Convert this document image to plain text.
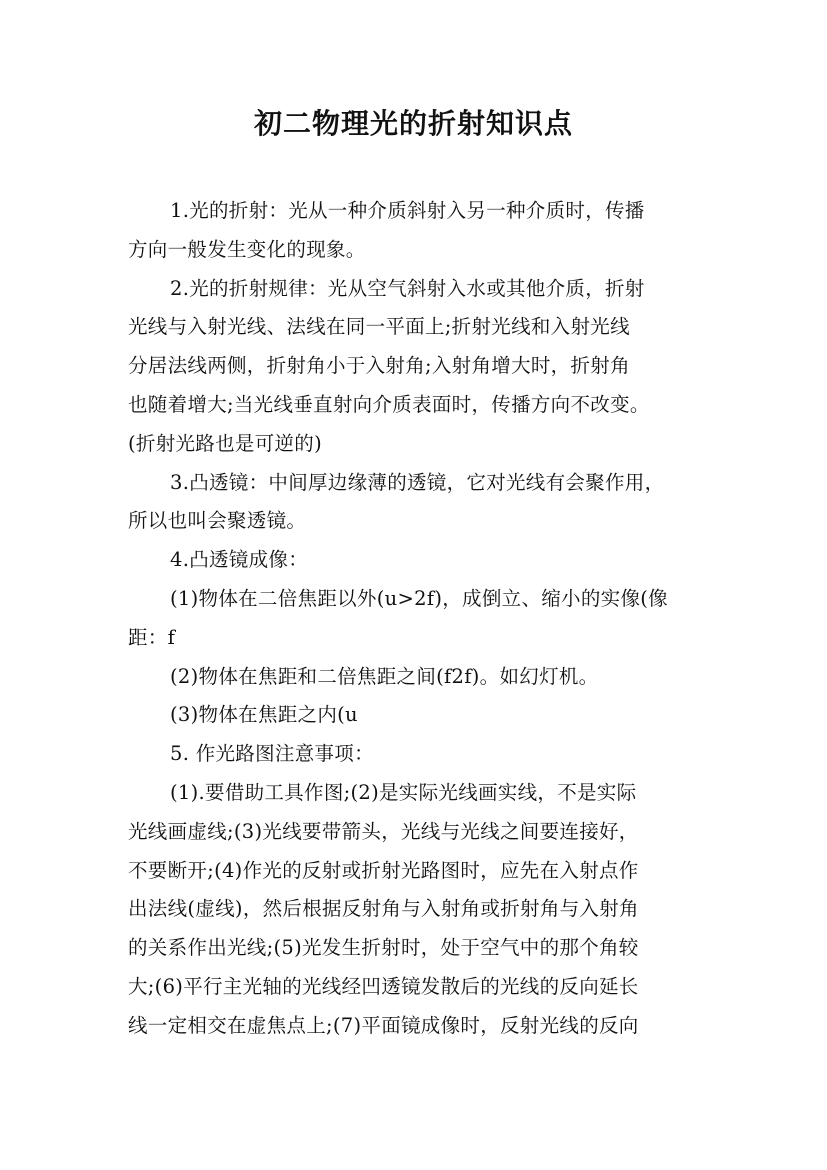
初二物理光的折射知识点
1.光的折射：光从一种介质斜射入另一种介质时，传播
方向一般发生变化的现象。
2.光的折射规律：光从空气斜射入水或其他介质，折射
光线与入射光线、法线在同一平面上;折射光线和入射光线
分居法线两侧，折射角小于入射角;入射角增大时，折射角
也随着增大;当光线垂直射向介质表面时，传播方向不改变。
(折射光路也是可逆的)
3.凸透镜：中间厚边缘薄的透镜，它对光线有会聚作用，
所以也叫会聚透镜。
4.凸透镜成像：
(1)物体在二倍焦距以外(u>2f)，成倒立、缩小的实像(像
距：f
(2)物体在焦距和二倍焦距之间(f2f)。如幻灯机。
(3)物体在焦距之内(u
5. 作光路图注意事项：
(1).要借助工具作图;(2)是实际光线画实线，不是实际
光线画虚线;(3)光线要带箭头，光线与光线之间要连接好，
不要断开;(4)作光的反射或折射光路图时，应先在入射点作
出法线(虚线)，然后根据反射角与入射角或折射角与入射角
的关系作出光线;(5)光发生折射时，处于空气中的那个角较
大;(6)平行主光轴的光线经凹透镜发散后的光线的反向延长
线一定相交在虚焦点上;(7)平面镜成像时，反射光线的反向
